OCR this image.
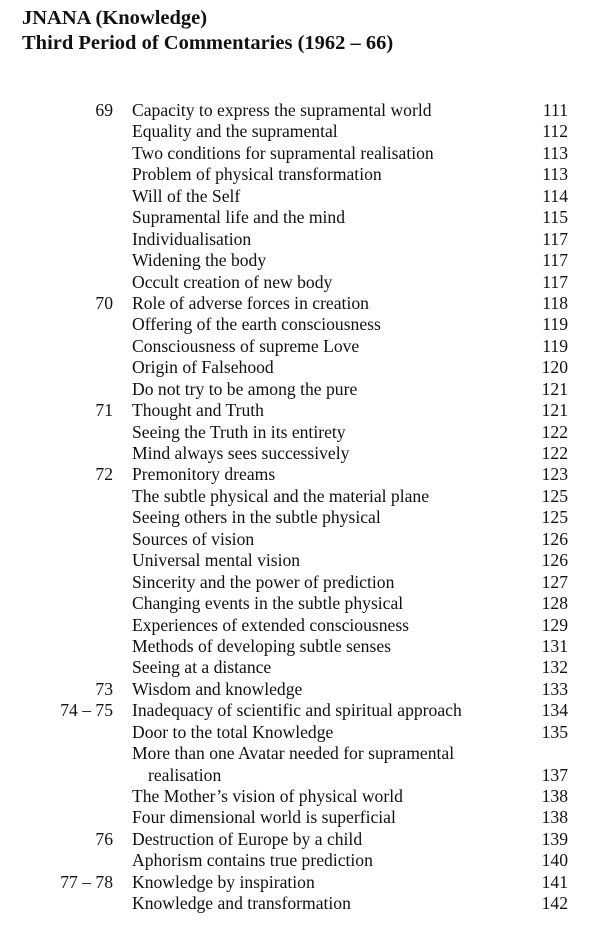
JNANA (Knowledge)
Third Period of Commentaries (1962 – 66)
69 Capacity to express the supramental world	111
Equality and the supramental	112
Two conditions for supramental realisation	113
Problem of physical transformation	113
Will of the Self	114
Supramental life and the mind	115
Individualisation	117
Widening the body	117
Occult creation of new body	117
70 Role of adverse forces in creation	118
Offering of the earth consciousness	119
Consciousness of supreme Love	119
Origin of Falsehood	120
Do not try to be among the pure	121
71 Thought and Truth	121
Seeing the Truth in its entirety	122
Mind always sees successively	122
72 Premonitory dreams	123
The subtle physical and the material plane	125
Seeing others in the subtle physical	125
Sources of vision	126
Universal mental vision	126
Sincerity and the power of prediction	127
Changing events in the subtle physical	128
Experiences of extended consciousness	129
Methods of developing subtle senses	131
Seeing at a distance	132
73 Wisdom and knowledge	133
74 – 75 Inadequacy of scientific and spiritual approach	134
Door to the total Knowledge	135
More than one Avatar needed for supramental
realisation	137
The Mother’s vision of physical world	138
Four dimensional world is superficial	138
76 Destruction of Europe by a child	139
Aphorism contains true prediction	140
77 – 78 Knowledge by inspiration	141
Knowledge and transformation	142
